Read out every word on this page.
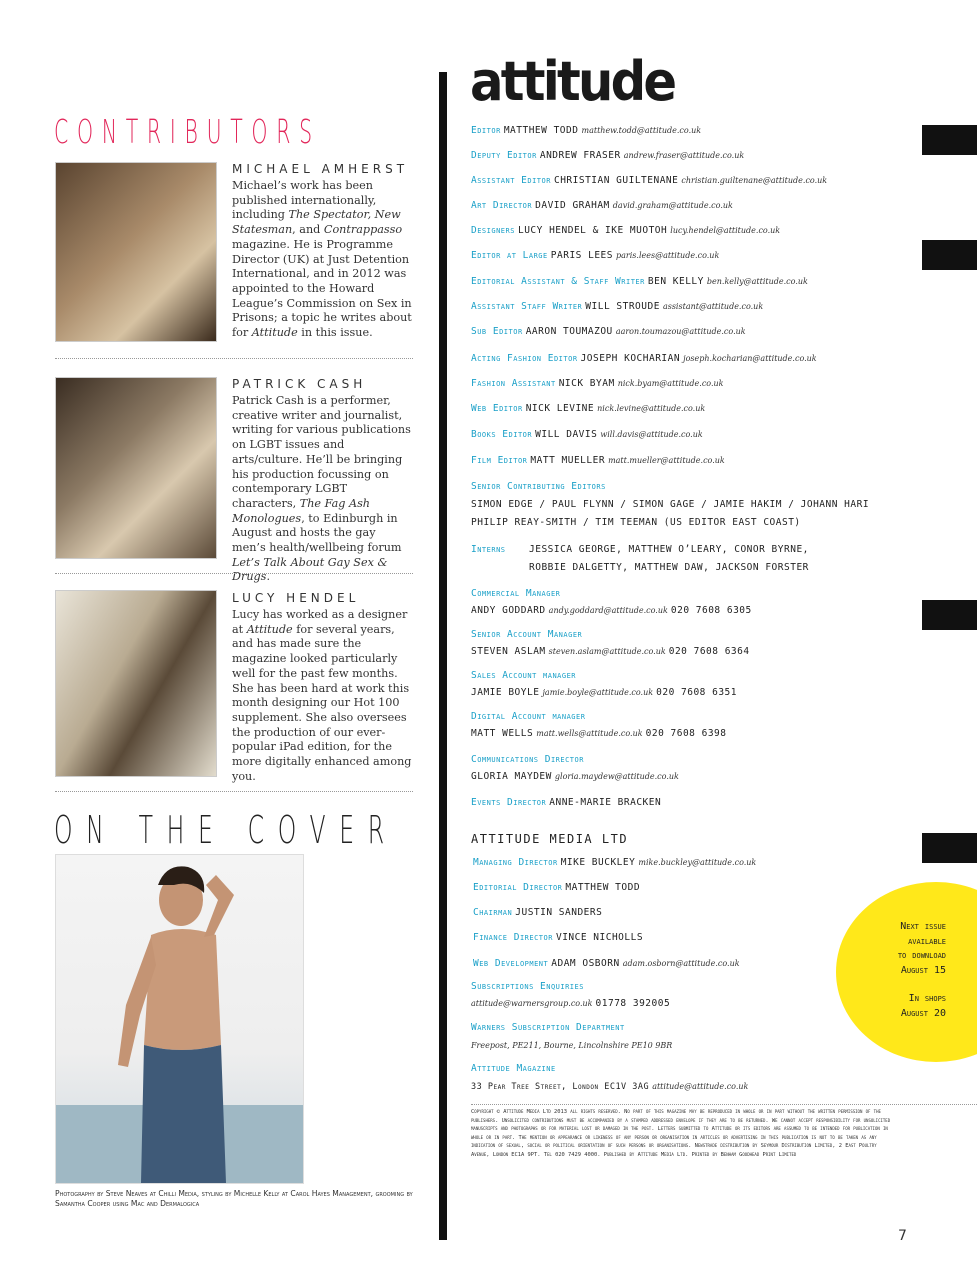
CONTRIBUTORS
MICHAEL AMHERST
Michael’s work has been published internationally, including The Spectator, New Statesman, and Contrappasso magazine. He is Programme Director (UK) at Just Detention International, and in 2012 was appointed to the Howard League’s Commission on Sex in Prisons; a topic he writes about for Attitude in this issue.
PATRICK CASH
Patrick Cash is a performer, creative writer and journalist, writing for various publications on LGBT issues and arts/culture. He’ll be bringing his production focussing on contemporary LGBT characters, The Fag Ash Monologues, to Edinburgh in August and hosts the gay men’s health/wellbeing forum Let’s Talk About Gay Sex & Drugs.
LUCY HENDEL
Lucy has worked as a designer at Attitude for several years, and has made sure the magazine looked particularly well for the past few months. She has been hard at work this month designing our Hot 100 supplement. She also oversees the production of our ever-popular iPad edition, for the more digitally enhanced among you.
ON THE COVER
Photography by Steve Neaves at Chilli Media, styling by Michelle Kelly at Carol Hayes Management, grooming by Samantha Cooper using Mac and Dermalogica
attitude
Editor MATTHEW TODD matthew.todd@attitude.co.uk
Deputy Editor ANDREW FRASER andrew.fraser@attitude.co.uk
Assistant Editor CHRISTIAN GUILTENANE christian.guiltenane@attitude.co.uk
Art Director DAVID GRAHAM david.graham@attitude.co.uk
Designers LUCY HENDEL & IKE MUOTOH lucy.hendel@attitude.co.uk
Editor at Large PARIS LEES paris.lees@attitude.co.uk
Editorial Assistant & Staff Writer BEN KELLY ben.kelly@attitude.co.uk
Assistant Staff Writer WILL STROUDE assistant@attitude.co.uk
Sub Editor AARON TOUMAZOU aaron.toumazou@attitude.co.uk
Acting Fashion Editor JOSEPH KOCHARIAN joseph.kocharian@attitude.co.uk
Fashion Assistant NICK BYAM nick.byam@attitude.co.uk
Web Editor NICK LEVINE nick.levine@attitude.co.uk
Books Editor WILL DAVIS will.davis@attitude.co.uk
Film Editor MATT MUELLER matt.mueller@attitude.co.uk
Senior Contributing Editors
SIMON EDGE / PAUL FLYNN / SIMON GAGE / JAMIE HAKIM / JOHANN HARI
PHILIP REAY-SMITH / TIM TEEMAN (US EDITOR EAST COAST)
Interns JESSICA GEORGE, MATTHEW O’LEARY, CONOR BYRNE,
ROBBIE DALGETTY, MATTHEW DAW, JACKSON FORSTER
Commercial Manager
ANDY GODDARD andy.goddard@attitude.co.uk 020 7608 6305
Senior Account Manager
STEVEN ASLAM steven.aslam@attitude.co.uk 020 7608 6364
Sales Account manager
JAMIE BOYLE jamie.boyle@attitude.co.uk 020 7608 6351
Digital Account manager
MATT WELLS matt.wells@attitude.co.uk 020 7608 6398
Communications Director
GLORIA MAYDEW gloria.maydew@attitude.co.uk
Events Director ANNE-MARIE BRACKEN
ATTITUDE MEDIA LTD
Managing Director MIKE BUCKLEY mike.buckley@attitude.co.uk
Editorial Director MATTHEW TODD
Chairman JUSTIN SANDERS
Finance Director VINCE NICHOLLS
Web Development ADAM OSBORN adam.osborn@attitude.co.uk
Subscriptions Enquiries
attitude@warnersgroup.co.uk 01778 392005
Warners Subscription Department
Freepost, PE211, Bourne, Lincolnshire PE10 9BR
Attitude Magazine
33 Pear Tree Street, London EC1V 3AG attitude@attitude.co.uk
Copyright © Attitude Media Ltd 2013 all rights reserved. No part of this magazine may be reproduced in whole or in part without the written permission of the publishers. Unsolicited contributions must be accompanied by a stamped addressed envelope if they are to be returned. We cannot accept responsibility for unsolicited manuscripts and photographs or for material lost or damaged in the post. Letters submitted to Attitude or its editors are assumed to be intended for publication in whole or in part. The mention or appearance or likeness of any person or organisation in articles or advertising in this publication is not to be taken as any indication of sexual, social or political orientation of such persons or organisations. Newstrade distribution by Seymour Distribution Limited, 2 East Poultry Avenue, London EC1A 9PT. Tel 020 7429 4000. Published by Attitude Media Ltd. Printed by Benham Goodhead Print Limited
Next issue
available
to download
August 15
In shops
August 20
7
